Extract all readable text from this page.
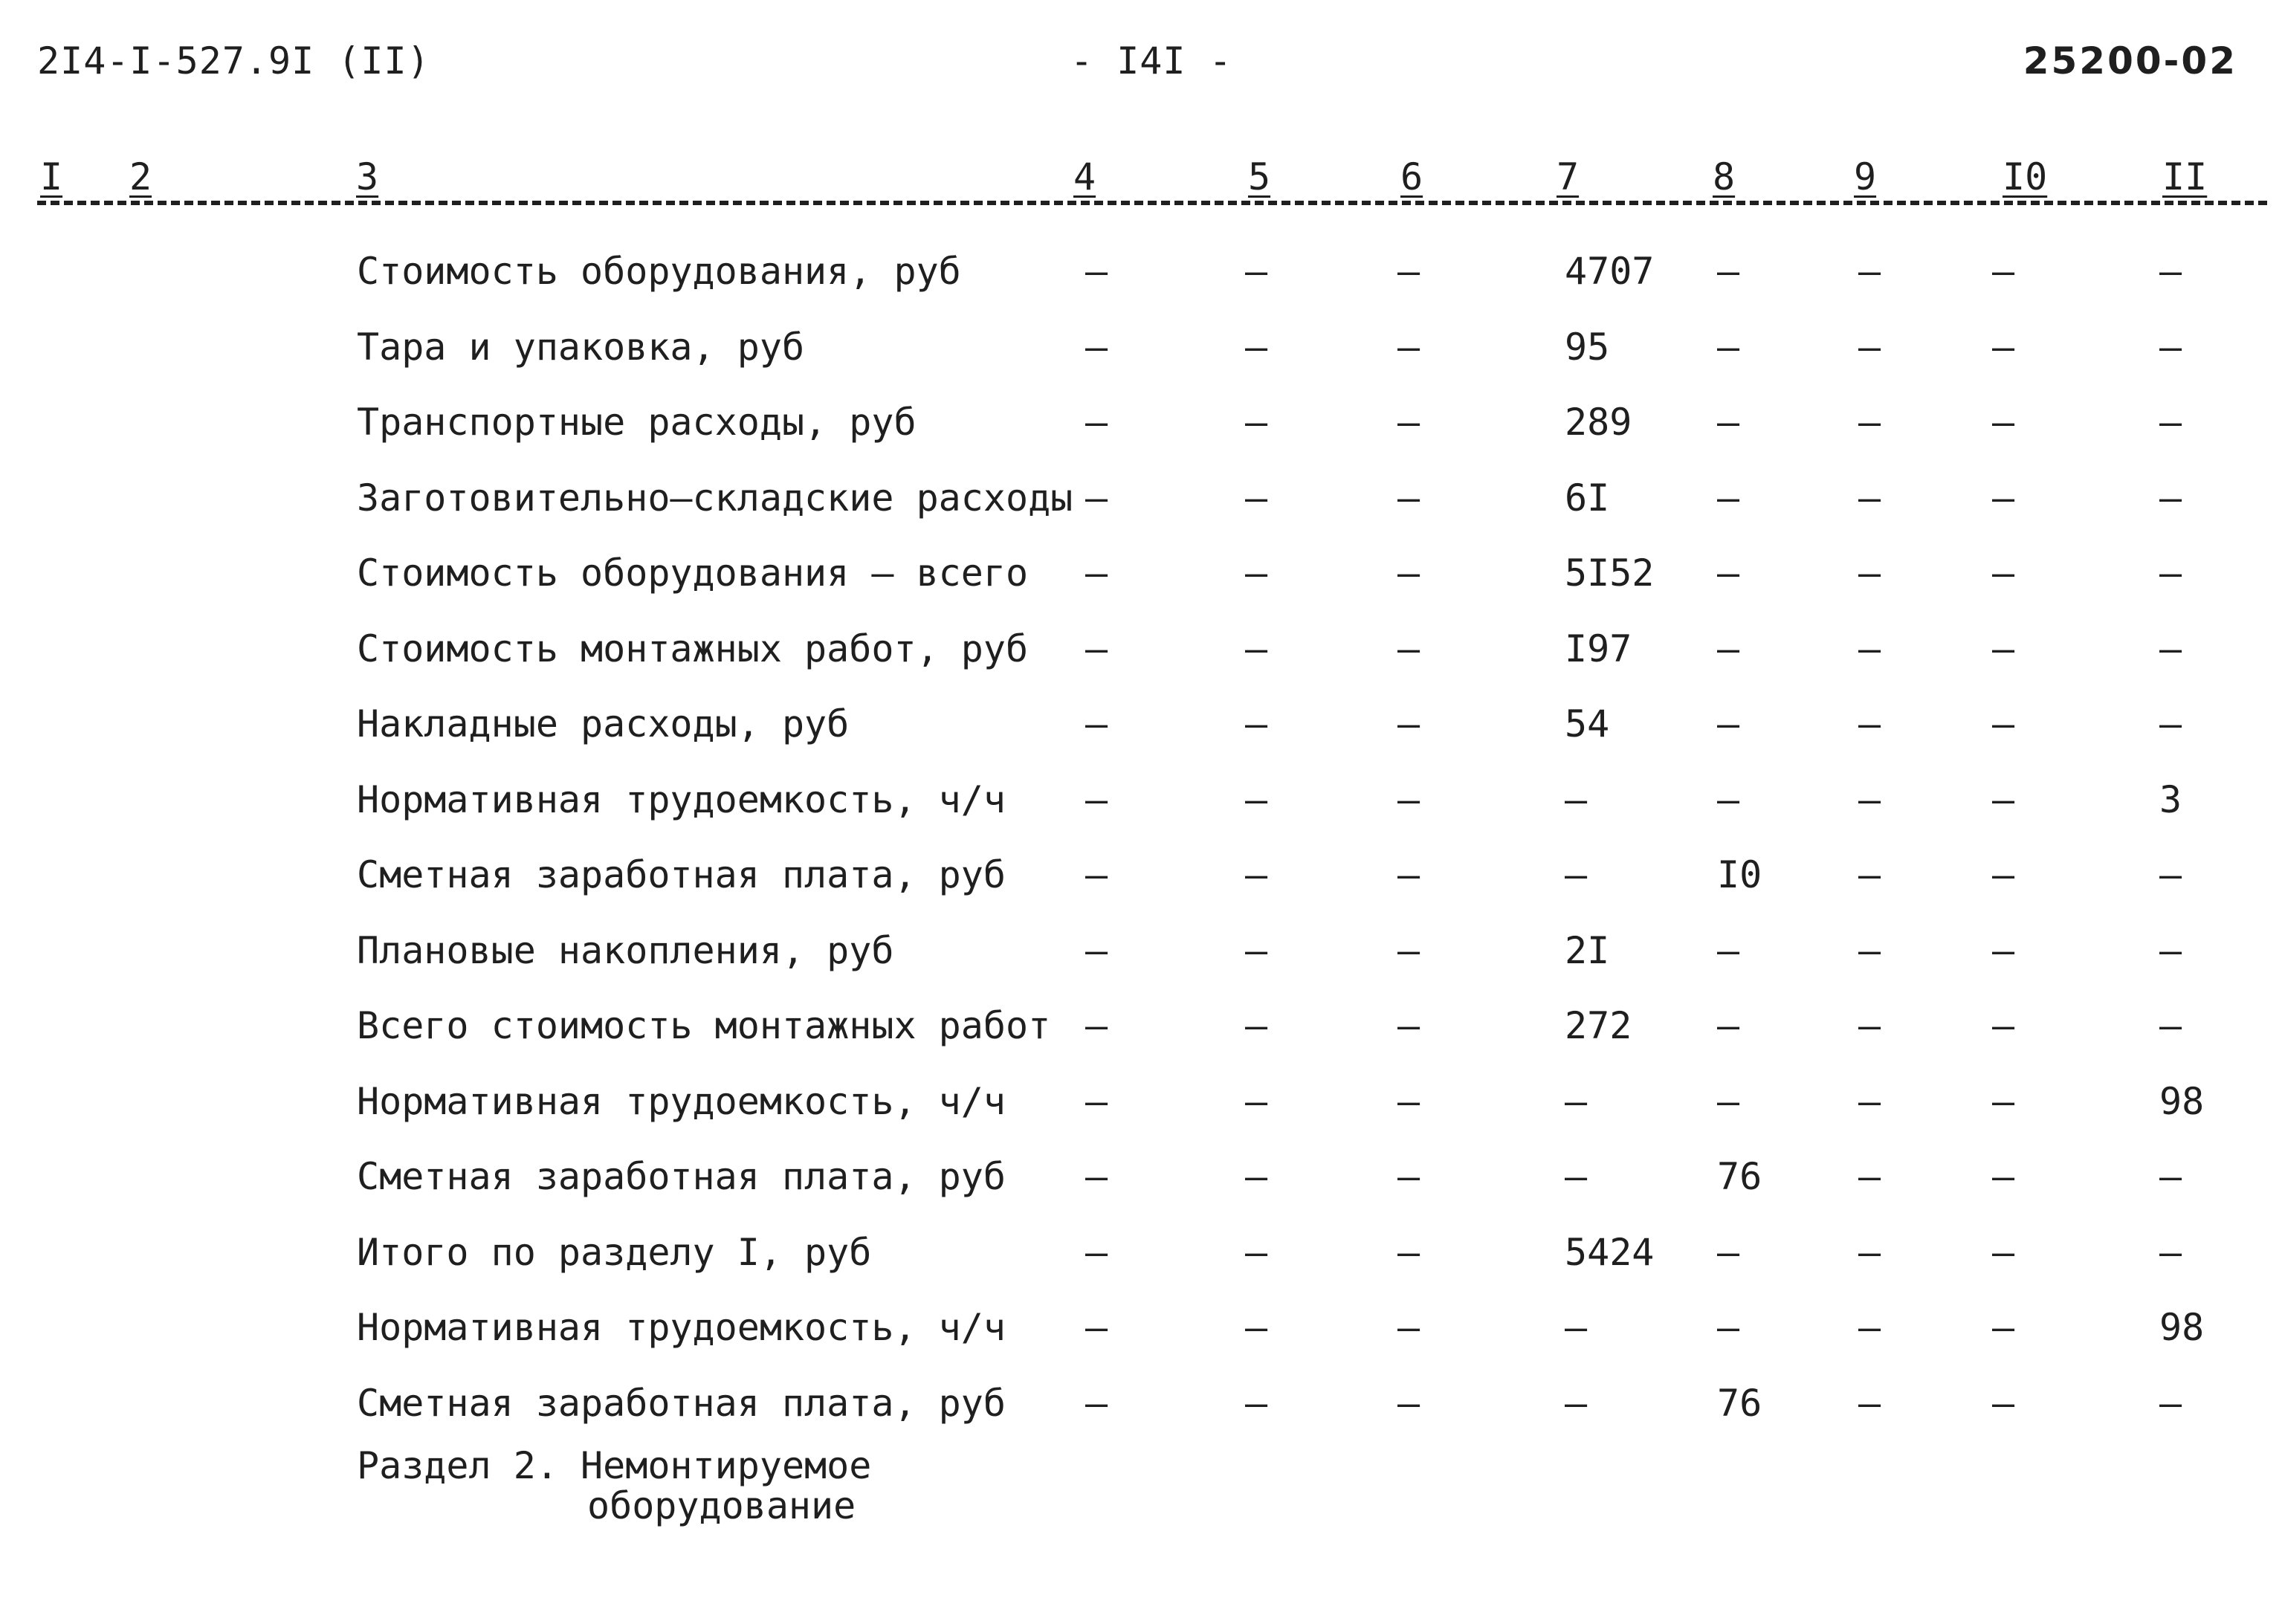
2I4-I-527.9I (II)	- I4I -	25200-02
I 2	3	4	5	6	7	8	9	I0	II
Стоимость оборудования, руб	–	–	–	4707 –	–	–	–
Тара и упаковка, руб	–	–	–	95	–	–	–	–
Транспортные расходы, руб	–	–	–	289 –	–	–	–
Заготовительно–складские расходы –	–	–	6I	–	–	–	–
Стоимость оборудования – всего –	–	–	5I52 –	–	–	–
Стоимость монтажных работ, руб –	–	–	I97 –	–	–	–
Накладные расходы, руб	–	–	–	54	–	–	–	–
Нормативная трудоемкость, ч/ч –	–	–	–	–	–	–	3
Сметная заработная плата, руб –	–	–	–	I0	–	–	–
Плановые накопления, руб	–	–	–	2I	–	–	–	–
Всего стоимость монтажных работ –	–	–	272 –	–	–	–
Нормативная трудоемкость, ч/ч –	–	–	–	–	–	–	98
Сметная заработная плата, руб –	–	–	–	76	–	–	–
Итого по разделу I, руб	–	–	–	5424 –	–	–	–
Нормативная трудоемкость, ч/ч –	–	–	–	–	–	–	98
Сметная заработная плата, руб –	–	–	–	76	–	–	–
Раздел 2. Немонтируемое
оборудование
